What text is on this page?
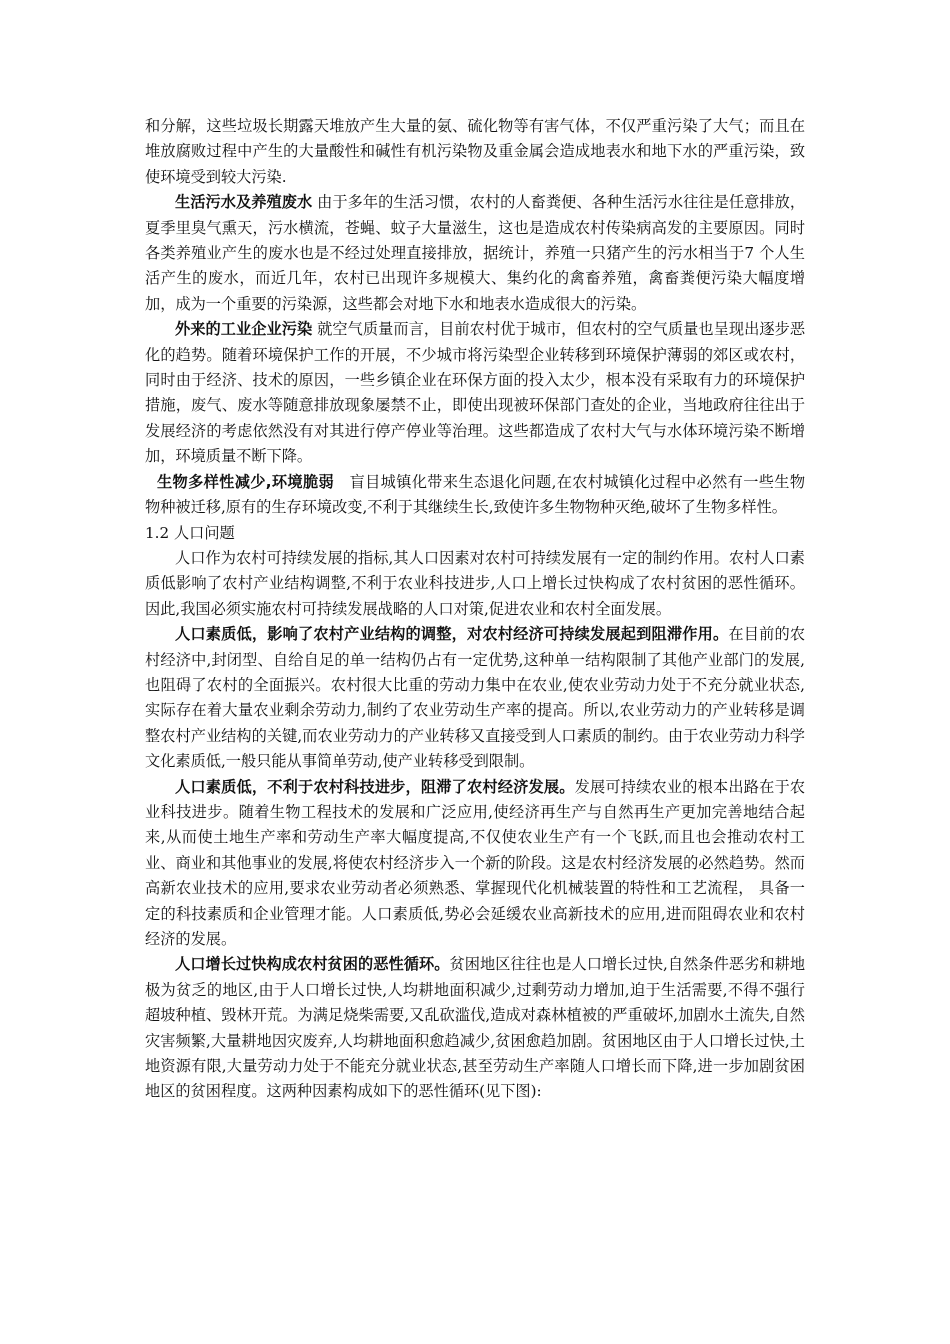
和分解，这些垃圾长期露天堆放产生大量的氨、硫化物等有害气体，不仅严重污染了大气；而且在堆放腐败过程中产生的大量酸性和碱性有机污染物及重金属会造成地表水和地下水的严重污染，致使环境受到较大污染.

生活污水及养殖废水 由于多年的生活习惯，农村的人畜粪便、各种生活污水往往是任意排放，夏季里臭气熏天，污水横流，苍蝇、蚊子大量滋生，这也是造成农村传染病高发的主要原因。同时各类养殖业产生的废水也是不经过处理直接排放，据统计，养殖一只猪产生的污水相当于7 个人生活产生的废水，而近几年，农村已出现许多规模大、集约化的禽畜养殖，禽畜粪便污染大幅度增加，成为一个重要的污染源，这些都会对地下水和地表水造成很大的污染。

外来的工业企业污染 就空气质量而言，目前农村优于城市，但农村的空气质量也呈现出逐步恶化的趋势。随着环境保护工作的开展，不少城市将污染型企业转移到环境保护薄弱的郊区或农村，同时由于经济、技术的原因，一些乡镇企业在环保方面的投入太少，根本没有采取有力的环境保护措施，废气、废水等随意排放现象屡禁不止，即使出现被环保部门查处的企业，当地政府往往出于发展经济的考虑依然没有对其进行停产停业等治理。这些都造成了农村大气与水体环境污染不断增加，环境质量不断下降。

生物多样性减少,环境脆弱　盲目城镇化带来生态退化问题,在农村城镇化过程中必然有一些生物物种被迁移,原有的生存环境改变,不利于其继续生长,致使许多生物物种灭绝,破坏了生物多样性。

1.2 人口问题

人口作为农村可持续发展的指标,其人口因素对农村可持续发展有一定的制约作用。农村人口素质低影响了农村产业结构调整,不利于农业科技进步,人口上增长过快构成了农村贫困的恶性循环。因此,我国必须实施农村可持续发展战略的人口对策,促进农业和农村全面发展。

人口素质低，影响了农村产业结构的调整，对农村经济可持续发展起到阻滞作用。在目前的农村经济中,封闭型、自给自足的单一结构仍占有一定优势,这种单一结构限制了其他产业部门的发展,也阻碍了农村的全面振兴。农村很大比重的劳动力集中在农业,使农业劳动力处于不充分就业状态,实际存在着大量农业剩余劳动力,制约了农业劳动生产率的提高。所以,农业劳动力的产业转移是调整农村产业结构的关键,而农业劳动力的产业转移又直接受到人口素质的制约。由于农业劳动力科学文化素质低,一般只能从事简单劳动,使产业转移受到限制。

人口素质低，不利于农村科技进步，阻滞了农村经济发展。发展可持续农业的根本出路在于农业科技进步。随着生物工程技术的发展和广泛应用,使经济再生产与自然再生产更加完善地结合起来,从而使土地生产率和劳动生产率大幅度提高,不仅使农业生产有一个飞跃,而且也会推动农村工业、商业和其他事业的发展,将使农村经济步入一个新的阶段。这是农村经济发展的必然趋势。然而高新农业技术的应用,要求农业劳动者必须熟悉、掌握现代化机械装置的特性和工艺流程， 具备一定的科技素质和企业管理才能。人口素质低,势必会延缓农业高新技术的应用,进而阻碍农业和农村经济的发展。

人口增长过快构成农村贫困的恶性循环。贫困地区往往也是人口增长过快,自然条件恶劣和耕地极为贫乏的地区,由于人口增长过快,人均耕地面积减少,过剩劳动力增加,迫于生活需要,不得不强行超坡种植、毁林开荒。为满足烧柴需要,又乱砍滥伐,造成对森林植被的严重破坏,加剧水土流失,自然灾害频繁,大量耕地因灾废弃,人均耕地面积愈趋减少,贫困愈趋加剧。贫困地区由于人口增长过快,土地资源有限,大量劳动力处于不能充分就业状态,甚至劳动生产率随人口增长而下降,进一步加剧贫困地区的贫困程度。这两种因素构成如下的恶性循环(见下图):
